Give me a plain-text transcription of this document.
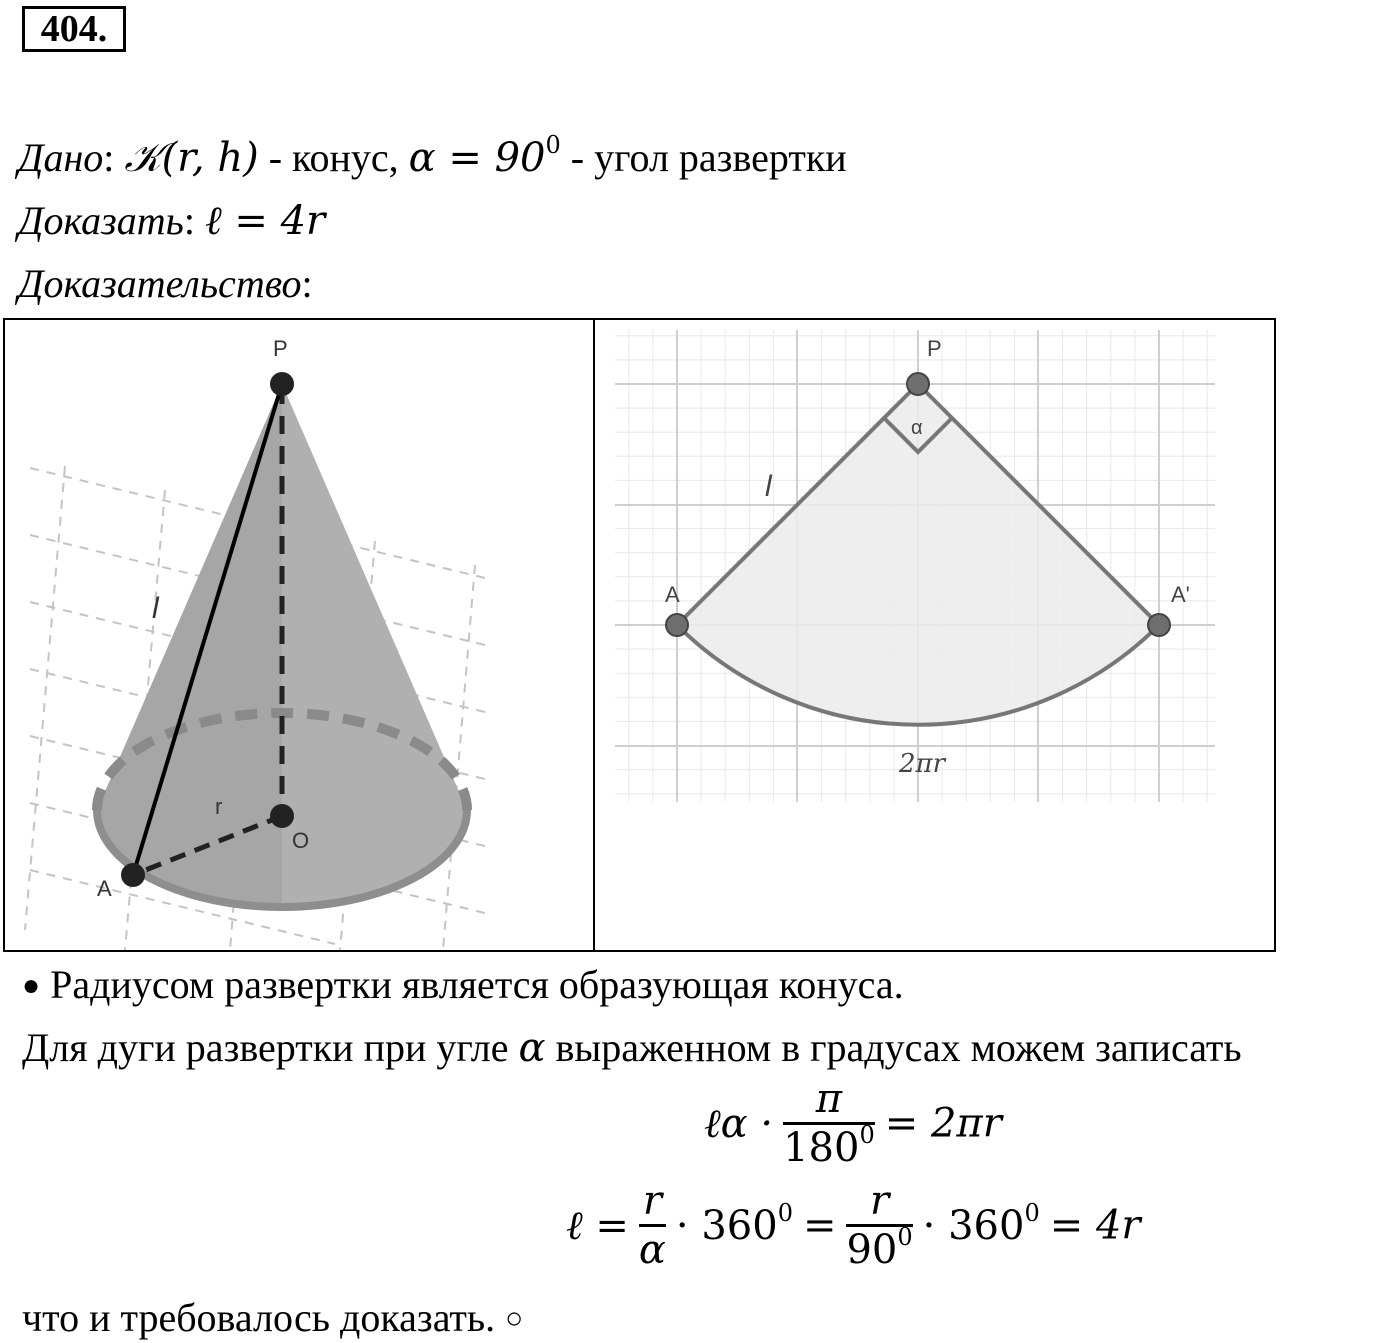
404.
Дано: 𝒦(r, h) - конус, $\alpha = 90^0$ - угол развертки
Доказать: ℓ = 4r
Доказательство:
P
O
A
l
r
P
A	A'
α
l
2πr
● Радиусом развертки является образующая конуса.
Для дуги развертки при угле α выраженном в градусах можем записать
ℓα · $\frac{\pi}{180^0} = 2\pi r$
ℓ = $\frac{r}{\alpha} \cdot 360^0 = \frac{r}{90^0} \cdot 360^0 = 4r$
что и требовалось доказать. ○
